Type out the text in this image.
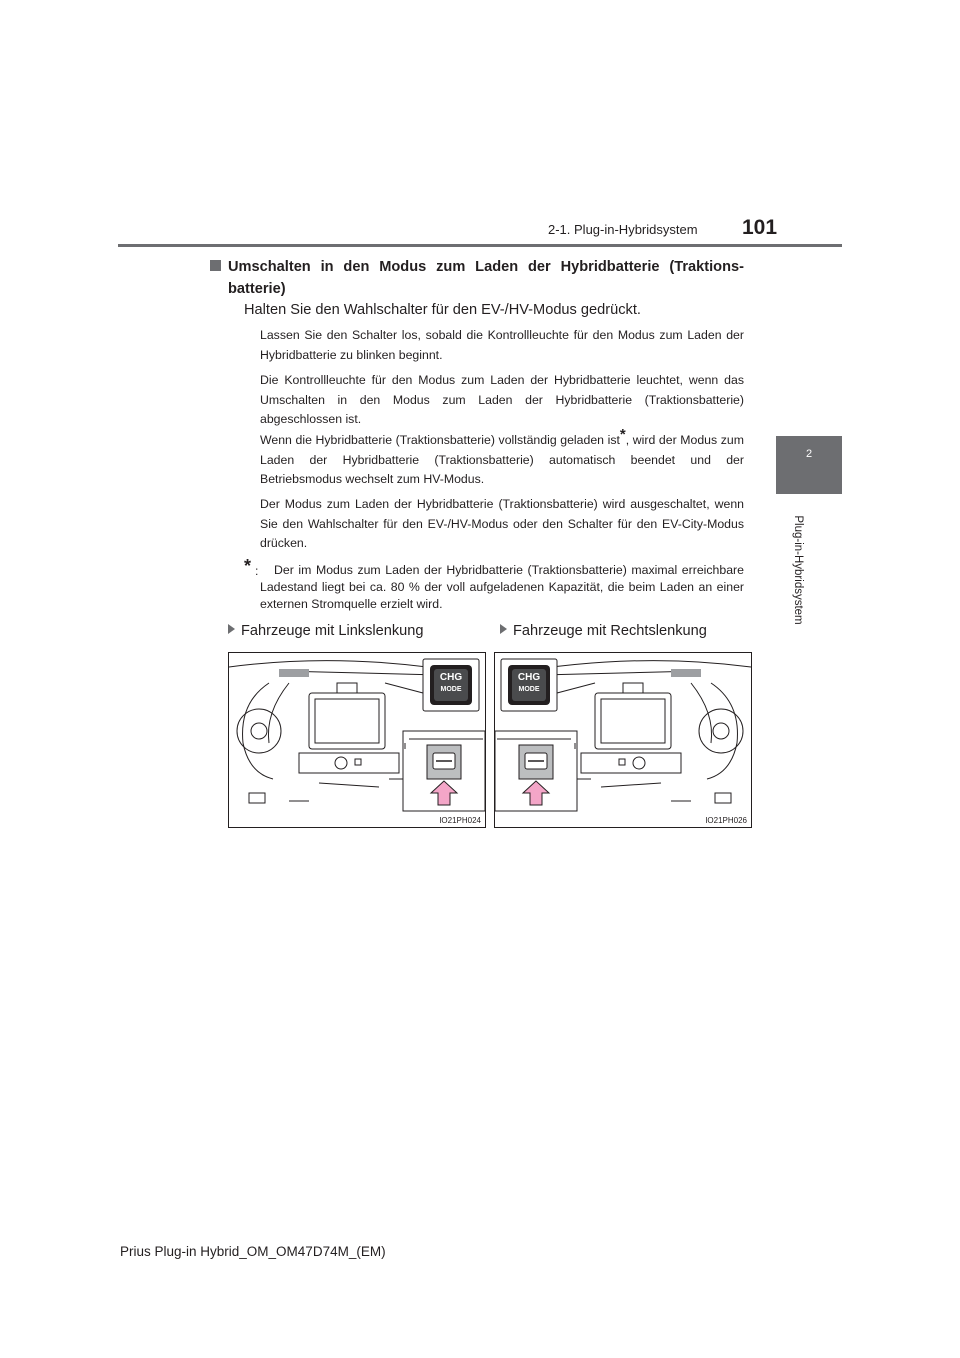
2-1. Plug-in-Hybridsystem 101
2
Plug-in-Hybridsystem
Umschalten in den Modus zum Laden der Hybridbatterie (Traktions-batterie)
Halten Sie den Wahlschalter für den EV-/HV-Modus gedrückt.
Lassen Sie den Schalter los, sobald die Kontrollleuchte für den Modus zum Laden der Hybridbatterie zu blinken beginnt.
Die Kontrollleuchte für den Modus zum Laden der Hybridbatterie leuchtet, wenn das Umschalten in den Modus zum Laden der Hybridbatterie (Traktionsbatterie) abgeschlossen ist.
Wenn die Hybridbatterie (Traktionsbatterie) vollständig geladen ist*, wird der Modus zum Laden der Hybridbatterie (Traktionsbatterie) automatisch beendet und der Betriebsmodus wechselt zum HV-Modus.
Der Modus zum Laden der Hybridbatterie (Traktionsbatterie) wird ausgeschaltet, wenn Sie den Wahlschalter für den EV-/HV-Modus oder den Schalter für den EV-City-Modus drücken.
* :	Der im Modus zum Laden der Hybridbatterie (Traktionsbatterie) maximal erreichbare Ladestand liegt bei ca. 80 % der voll aufgeladenen Kapazität, die beim Laden an einer externen Stromquelle erzielt wird.
Fahrzeuge mit Linkslenkung	Fahrzeuge mit Rechtslenkung
CHG
MODE
IO21PH024
CHG
MODE
IO21PH026
Prius Plug-in Hybrid_OM_OM47D74M_(EM)
